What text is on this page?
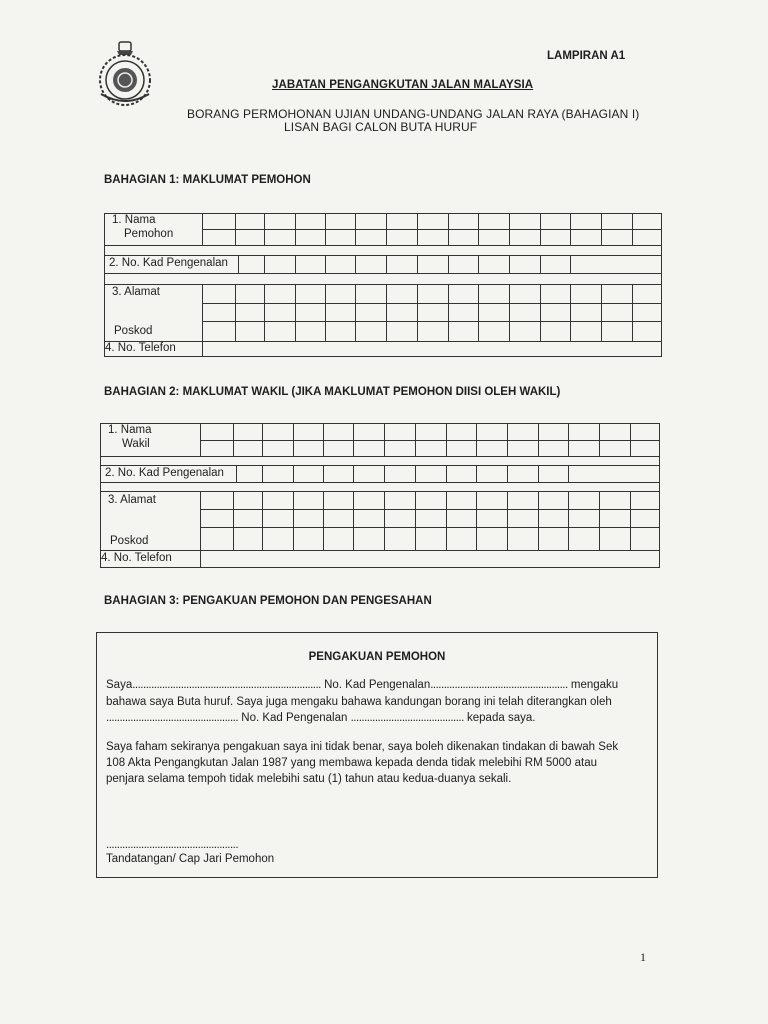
LAMPIRAN A1
JABATAN PENGANGKUTAN JALAN MALAYSIA
BORANG PERMOHONAN UJIAN UNDANG-UNDANG JALAN RAYA (BAHAGIAN I)
LISAN BAGI CALON BUTA HURUF
BAHAGIAN 1: MAKLUMAT PEMOHON
1. Nama
Pemohon
2. No. Kad Pengenalan
3. Alamat
Poskod
4. No. Telefon
BAHAGIAN 2: MAKLUMAT WAKIL (JIKA MAKLUMAT PEMOHON DIISI OLEH WAKIL)
1. Nama
Wakil
2. No. Kad Pengenalan
3. Alamat
Poskod
4. No. Telefon
BAHAGIAN 3: PENGAKUAN PEMOHON DAN PENGESAHAN
PENGAKUAN PEMOHON
Saya...................................................................... No. Kad Pengenalan................................................... mengaku
bahawa saya Buta huruf. Saya juga mengaku bahawa kandungan borang ini telah diterangkan oleh
................................................. No. Kad Pengenalan .......................................... kepada saya.
Saya faham sekiranya pengakuan saya ini tidak benar, saya boleh dikenakan tindakan di bawah Sek
108 Akta Pengangkutan Jalan 1987 yang membawa kepada denda tidak melebihi RM 5000 atau
penjara selama tempoh tidak melebihi satu (1) tahun atau kedua-duanya sekali.
.................................................
Tandatangan/ Cap Jari Pemohon
1
